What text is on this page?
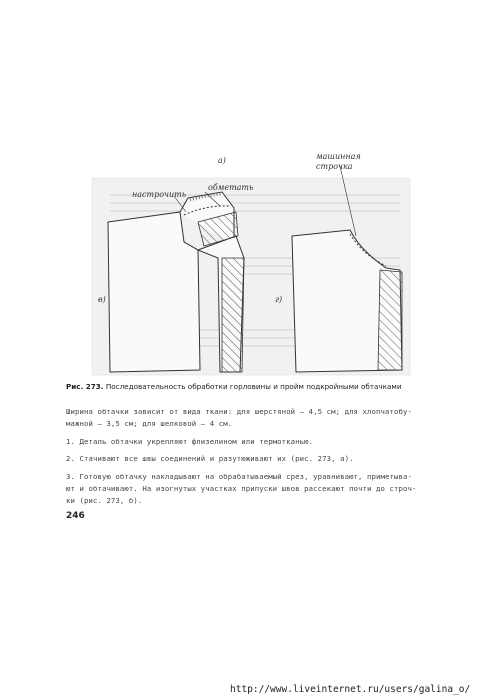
а)	машинная
строчка
обметать
настрочить
в)	г)
Рис. 273. Последовательность обработки горловины и пройм подкройными обтачками
Ширина обтачки зависит от вида ткани: для шерстяной — 4,5 см; для хлопчатобу-
мажной — 3,5 см; для шелковой — 4 см.
1. Деталь обтачки укрепляют флизелином или термотканью.
2. Стачивают все швы соединений и разутюживают их (рис. 273, а).
3. Готовую обтачку накладывают на обрабатываемый срез, уравнивают, приметыва-
ют и обтачивают. На изогнутых участках припуски швов рассекают почти до строч-
ки (рис. 273, б).
246
http://www.liveinternet.ru/users/galina_o/
